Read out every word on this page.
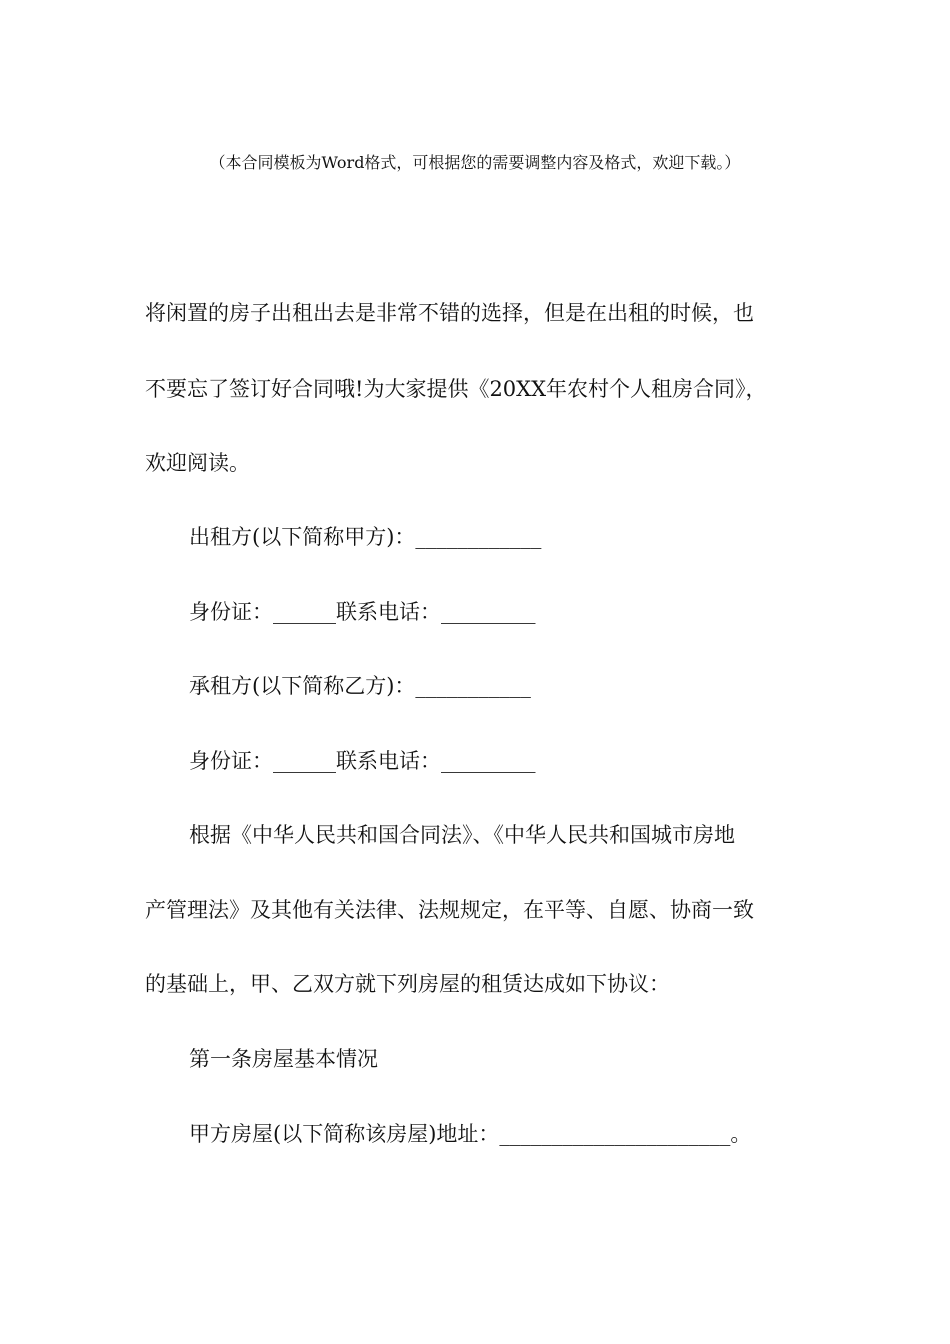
（本合同模板为Word格式，可根据您的需要调整内容及格式，欢迎下载。）
将闲置的房子出租出去是非常不错的选择，但是在出租的时候，也
不要忘了签订好合同哦!为大家提供《20XX年农村个人租房合同》，
欢迎阅读。
出租方(以下简称甲方)：____________
身份证：______联系电话：_________
承租方(以下简称乙方)：___________
身份证：______联系电话：_________
根据《中华人民共和国合同法》、《中华人民共和国城市房地
产管理法》及其他有关法律、法规规定，在平等、自愿、协商一致
的基础上，甲、乙双方就下列房屋的租赁达成如下协议：
第一条房屋基本情况
甲方房屋(以下简称该房屋)地址：______________________。
